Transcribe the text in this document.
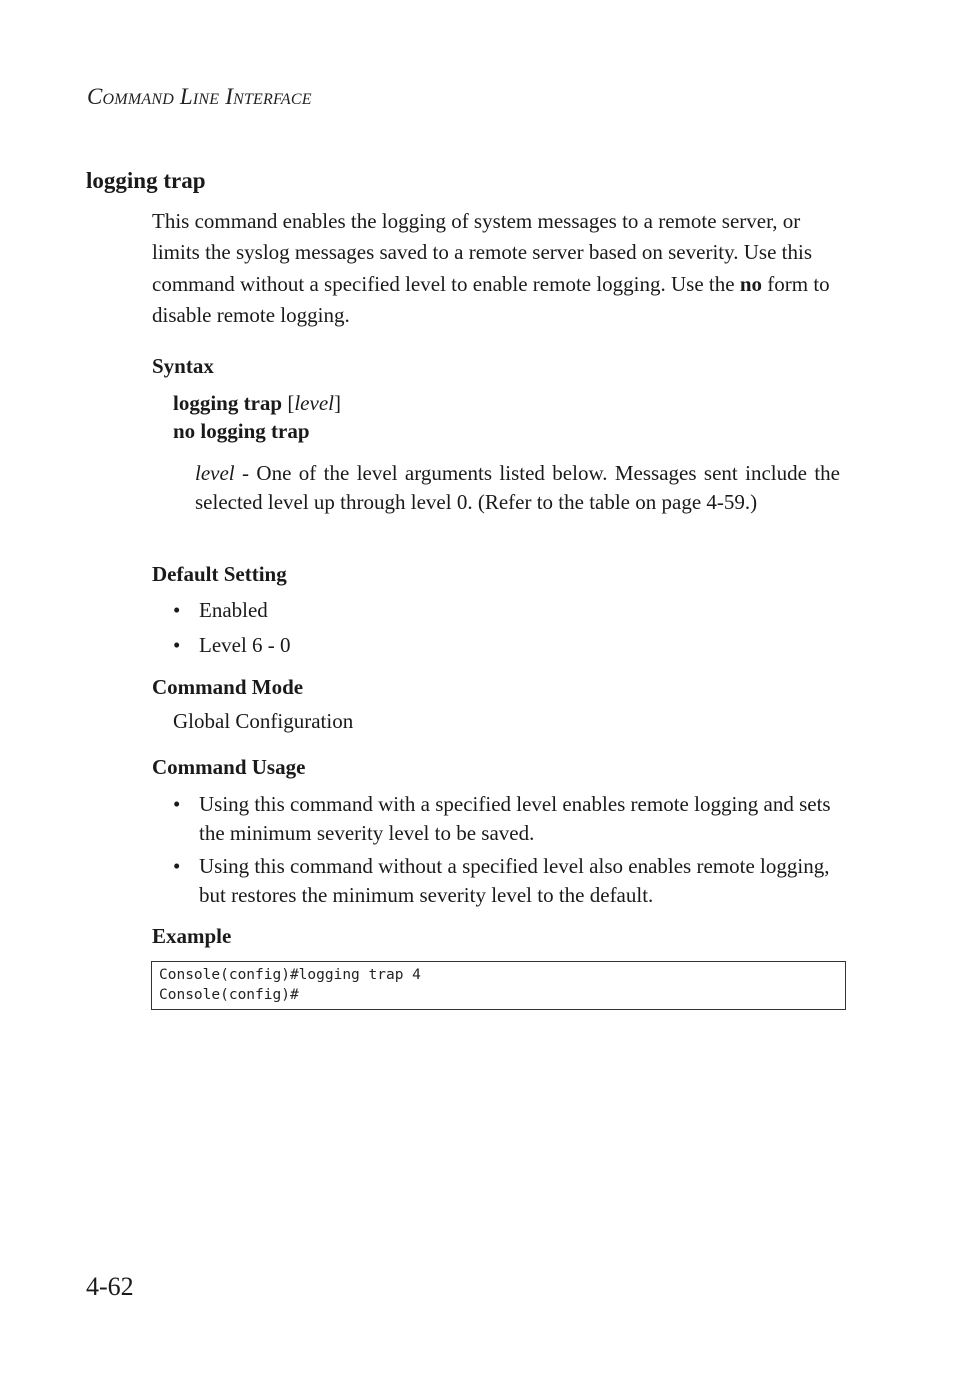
Command Line Interface
logging trap

This command enables the logging of system messages to a remote server, or limits the syslog messages saved to a remote server based on severity. Use this command without a specified level to enable remote logging. Use the no form to disable remote logging.

Syntax

logging trap [level]

no logging trap

level - One of the level arguments listed below. Messages sent include the selected level up through level 0. (Refer to the table on page 4-59.)

Default Setting
• Enabled
• Level 6 - 0
Command Mode

Global Configuration

Command Usage
• Using this command with a specified level enables remote logging and sets the minimum severity level to be saved.
• Using this command without a specified level also enables remote logging, but restores the minimum severity level to the default.
Example
Console(config)#logging trap 4
Console(config)#
4-62
